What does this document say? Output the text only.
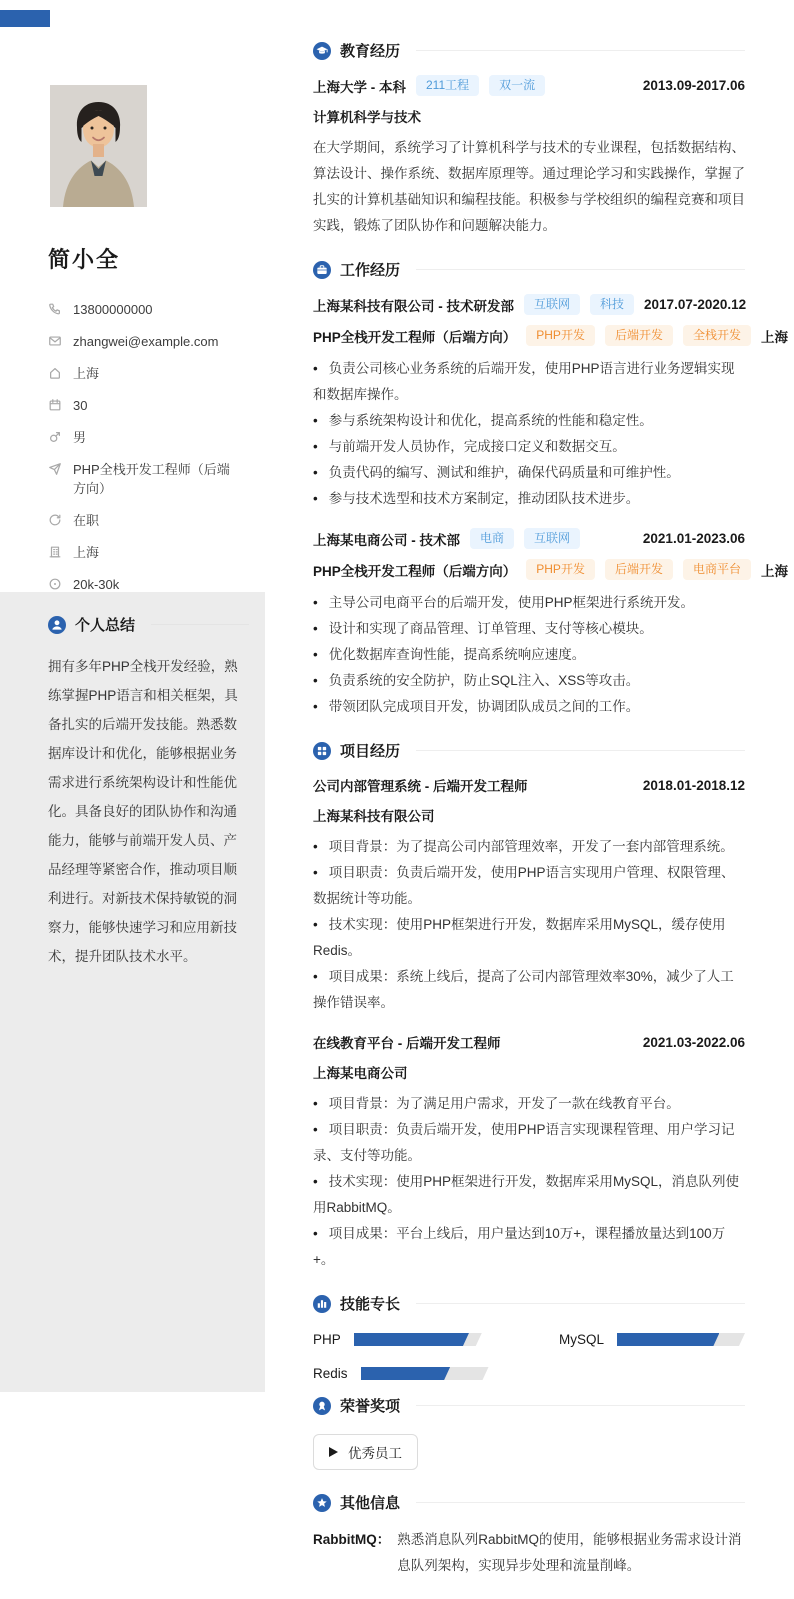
简小全
13800000000
zhangwei@example.com
上海
30
男
PHP全栈开发工程师（后端方向）
在职
上海
20k-30k
个人总结
拥有多年PHP全栈开发经验，熟练掌握PHP语言和相关框架，具备扎实的后端开发技能。熟悉数据库设计和优化，能够根据业务需求进行系统架构设计和性能优化。具备良好的团队协作和沟通能力，能够与前端开发人员、产品经理等紧密合作，推动项目顺利进行。对新技术保持敏锐的洞察力，能够快速学习和应用新技术，提升团队技术水平。
教育经历
上海大学 - 本科	211工程	双一流	2013.09-2017.06
计算机科学与技术
在大学期间，系统学习了计算机科学与技术的专业课程，包括数据结构、算法设计、操作系统、数据库原理等。通过理论学习和实践操作，掌握了扎实的计算机基础知识和编程技能。积极参与学校组织的编程竞赛和项目实践，锻炼了团队协作和问题解决能力。
工作经历
上海某科技有限公司 - 技术研发部	互联网	科技	2017.07-2020.12
PHP全栈开发工程师（后端方向）	PHP开发	后端开发	全栈开发	上海
• 负责公司核心业务系统的后端开发，使用PHP语言进行业务逻辑实现和数据库操作。
• 参与系统架构设计和优化，提高系统的性能和稳定性。
• 与前端开发人员协作，完成接口定义和数据交互。
• 负责代码的编写、测试和维护，确保代码质量和可维护性。
• 参与技术选型和技术方案制定，推动团队技术进步。
上海某电商公司 - 技术部	电商	互联网	2021.01-2023.06
PHP全栈开发工程师（后端方向）	PHP开发	后端开发	电商平台	上海
• 主导公司电商平台的后端开发，使用PHP框架进行系统开发。
• 设计和实现了商品管理、订单管理、支付等核心模块。
• 优化数据库查询性能，提高系统响应速度。
• 负责系统的安全防护，防止SQL注入、XSS等攻击。
• 带领团队完成项目开发，协调团队成员之间的工作。
项目经历
公司内部管理系统 - 后端开发工程师	2018.01-2018.12
上海某科技有限公司
• 项目背景：为了提高公司内部管理效率，开发了一套内部管理系统。
• 项目职责：负责后端开发，使用PHP语言实现用户管理、权限管理、数据统计等功能。
• 技术实现：使用PHP框架进行开发，数据库采用MySQL，缓存使用Redis。
• 项目成果：系统上线后，提高了公司内部管理效率30%，减少了人工操作错误率。
在线教育平台 - 后端开发工程师	2021.03-2022.06
上海某电商公司
• 项目背景：为了满足用户需求，开发了一款在线教育平台。
• 项目职责：负责后端开发，使用PHP语言实现课程管理、用户学习记录、支付等功能。
• 技术实现：使用PHP框架进行开发，数据库采用MySQL，消息队列使用RabbitMQ。
• 项目成果：平台上线后，用户量达到10万+，课程播放量达到100万+。
技能专长
PHP	MySQL
Redis
荣誉奖项
优秀员工
其他信息
RabbitMQ： 熟悉消息队列RabbitMQ的使用，能够根据业务需求设计消息队列架构，实现异步处理和流量削峰。
